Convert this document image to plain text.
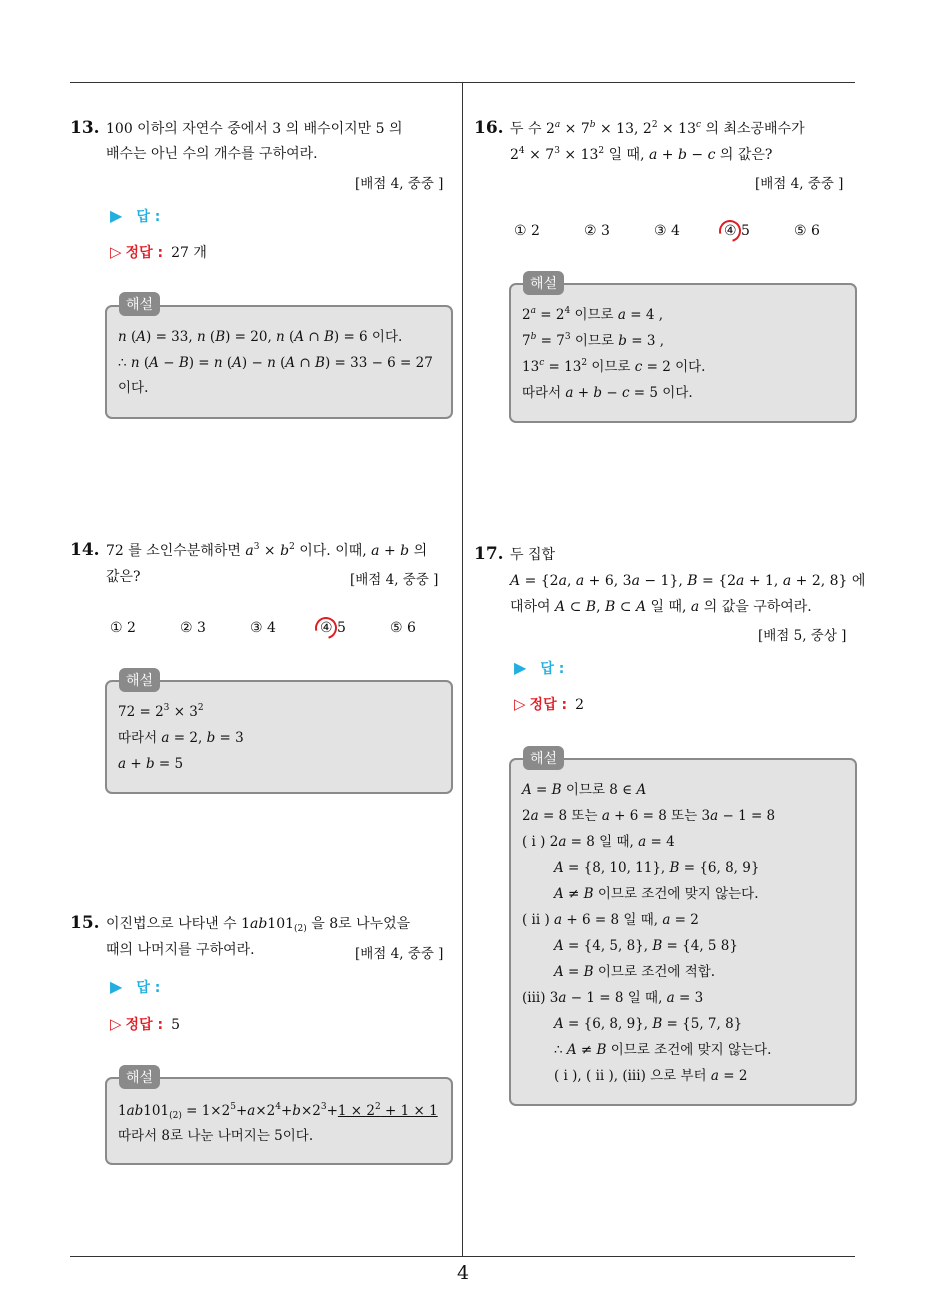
4
13. 100 이하의 자연수 중에서 3 의 배수이지만 5 의
배수는 아닌 수의 개수를 구하여라.
[배점 4, 중중 ]
▶ 답 :
▷ 정답 : 27 개
n (A) = 33, n (B) = 20, n (A ∩ B) = 6 이다.
∴ n (A − B) = n (A) − n (A ∩ B) = 33 − 6 = 27
이다.
해설
14. 72 를 소인수분해하면 $a^3 \times b^2$ 이다. 이때, a + b 의
값은?	[배점 4, 중중 ]
① 2	② 3	③ 4	④ 5	⑤ 6
$72 = 2^3 \times 3^2$
따라서 a = 2, b = 3
a + b = 5
해설
15. 이진법으로 나타낸 수 $1ab101_{(2)}$ 을 8로 나누었을
때의 나머지를 구하여라.	[배점 4, 중중 ]
▶ 답 :
▷ 정답 : 5
$1ab101_{(2)} = 1\times 2^5+a\times 2^4+b\times 2^3+1 \times 2^2 + 1 \times 1$
따라서 8로 나눈 나머지는 5이다.
해설
16. 두 수 $2^a \times 7^b \times 13$, $2^2 \times 13^c$ 의 최소공배수가
$2^4 \times 7^3 \times 13^2$ 일 때, a + b − c 의 값은?
[배점 4, 중중 ]
① 2	② 3	③ 4	④ 5	⑤ 6
$2^a = 2^4$ 이므로 a = 4 ,
$7^b = 7^3$ 이므로 b = 3 ,
$13^c = 13^2$ 이므로 c = 2 이다.
따라서 a + b − c = 5 이다.
해설
17. 두 집합
A = {2a, a + 6, 3a − 1}, B = {2a + 1, a + 2, 8} 에
대하여 A ⊂ B, B ⊂ A 일 때, a 의 값을 구하여라.
[배점 5, 중상 ]
▶ 답 :
▷ 정답 : 2
A = B 이므로 8 ∈ A
2a = 8 또는 a + 6 = 8 또는 3a − 1 = 8
( i ) 2a = 8 일 때, a = 4
A = {8, 10, 11}, B = {6, 8, 9}
A ≠ B 이므로 조건에 맞지 않는다.
( ii ) a + 6 = 8 일 때, a = 2
A = {4, 5, 8}, B = {4, 5 8}
A = B 이므로 조건에 적합.
(iii) 3a − 1 = 8 일 때, a = 3
A = {6, 8, 9}, B = {5, 7, 8}
∴ A ≠ B 이므로 조건에 맞지 않는다.
( i ), ( ii ), (iii) 으로 부터 a = 2
해설
